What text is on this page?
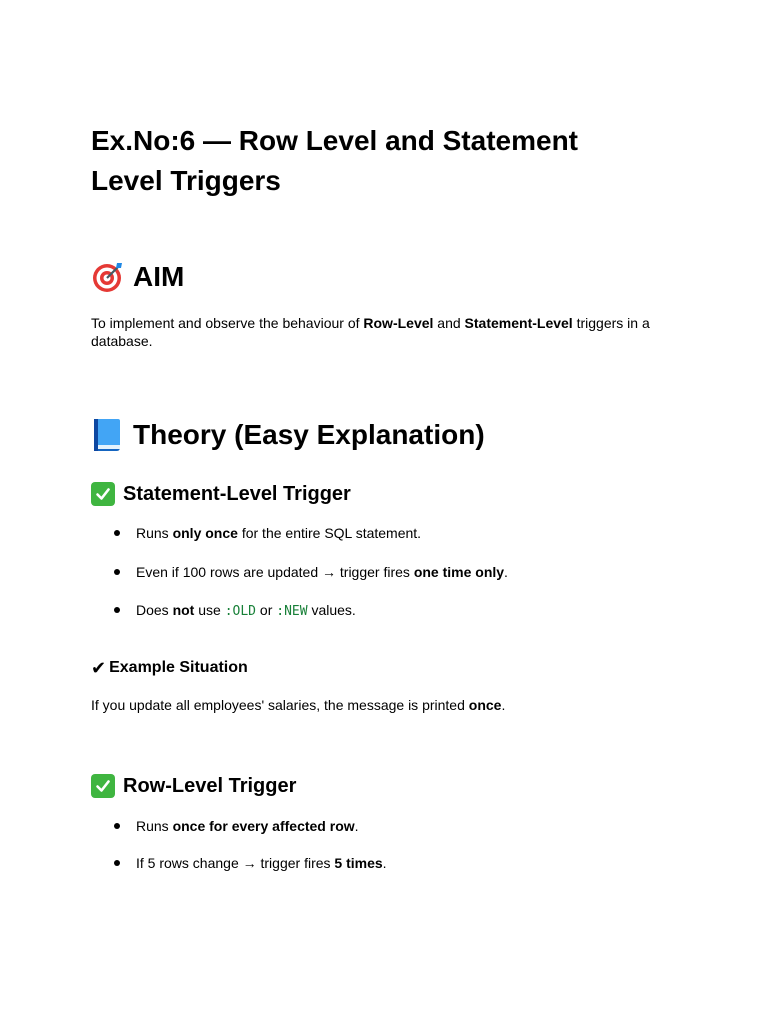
Ex.No:6 — Row Level and Statement Level Triggers
AIM

To implement and observe the behaviour of Row-Level and Statement-Level triggers in a database.

Theory (Easy Explanation)
Statement-Level Trigger
Runs only once for the entire SQL statement.
Even if 100 rows are updated → trigger fires one time only.
Does not use :OLD or :NEW values.
✔ Example Situation

If you update all employees' salaries, the message is printed once.

Row-Level Trigger
Runs once for every affected row.
If 5 rows change → trigger fires 5 times.
